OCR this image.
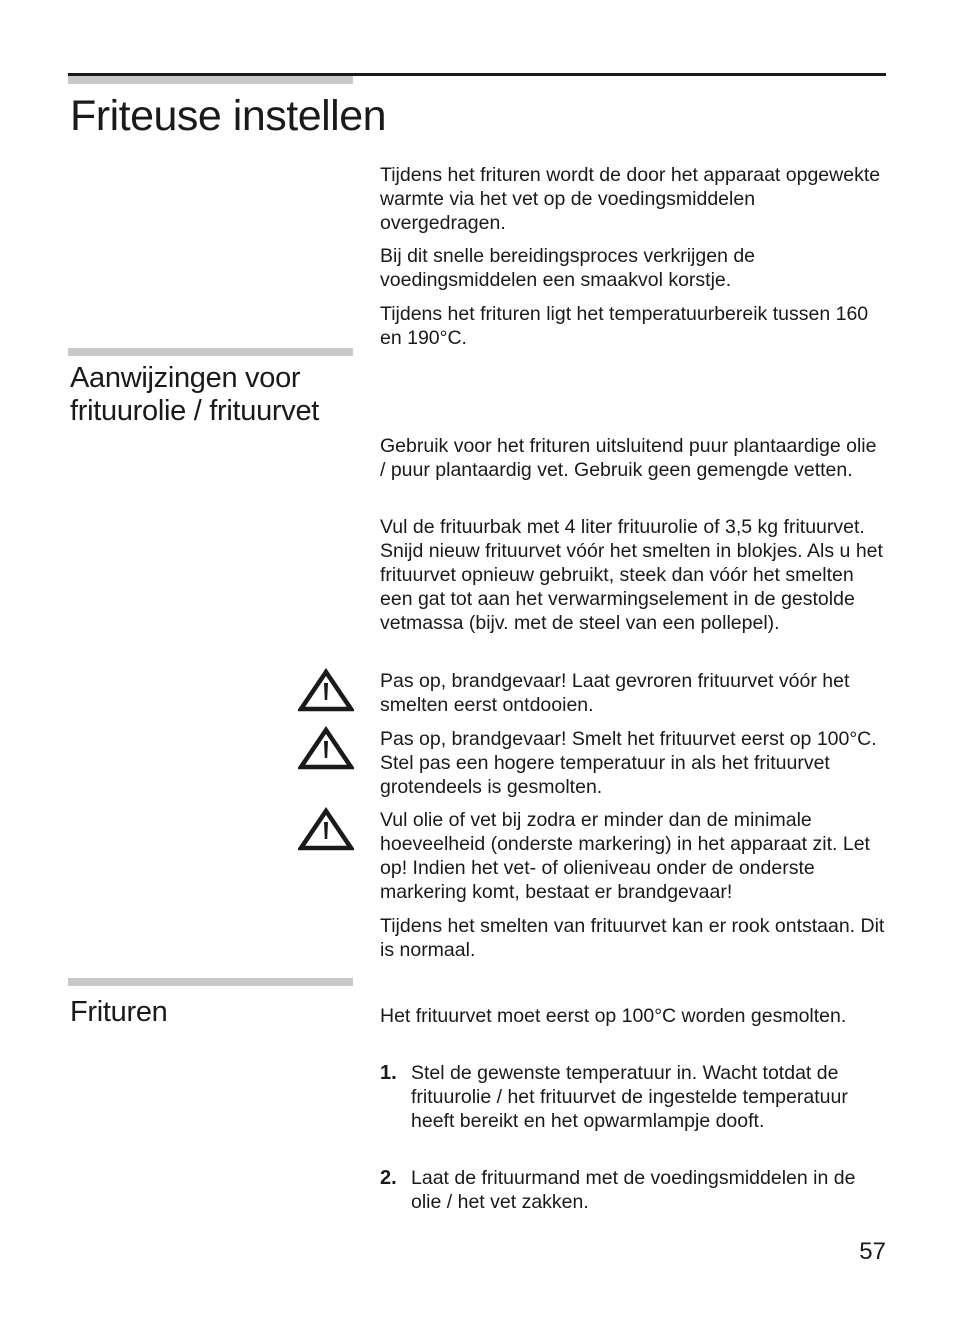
Friteuse instellen

Tijdens het frituren wordt de door het apparaat opgewekte warmte via het vet op de voedingsmiddelen overgedragen.

Bij dit snelle bereidingsproces verkrijgen de voedingsmiddelen een smaakvol korstje.

Tijdens het frituren ligt het temperatuurbereik tussen 160 en 190°C.

Aanwijzingen voor
frituurolie / frituurvet

Gebruik voor het frituren uitsluitend puur plantaardige olie / puur plantaardig vet. Gebruik geen gemengde vetten.

Vul de frituurbak met 4 liter frituurolie of 3,5 kg frituurvet. Snijd nieuw frituurvet vóór het smelten in blokjes. Als u het frituurvet opnieuw gebruikt, steek dan vóór het smelten een gat tot aan het verwarmingselement in de gestolde vetmassa (bijv. met de steel van een pollepel).

Pas op, brandgevaar! Laat gevroren frituurvet vóór het smelten eerst ontdooien.

Pas op, brandgevaar! Smelt het frituurvet eerst op 100°C. Stel pas een hogere temperatuur in als het frituurvet grotendeels is gesmolten.

Vul olie of vet bij zodra er minder dan de minimale hoeveelheid (onderste markering) in het apparaat zit. Let op! Indien het vet- of olieniveau onder de onderste markering komt, bestaat er brandgevaar!

Tijdens het smelten van frituurvet kan er rook ontstaan. Dit is normaal.

Frituren	Het frituurvet moet eerst op 100°C worden gesmolten.

1. Stel de gewenste temperatuur in. Wacht totdat de frituurolie / het frituurvet de ingestelde temperatuur heeft bereikt en het opwarmlampje dooft.
2. Laat de frituurmand met de voedingsmiddelen in de olie / het vet zakken.
57
